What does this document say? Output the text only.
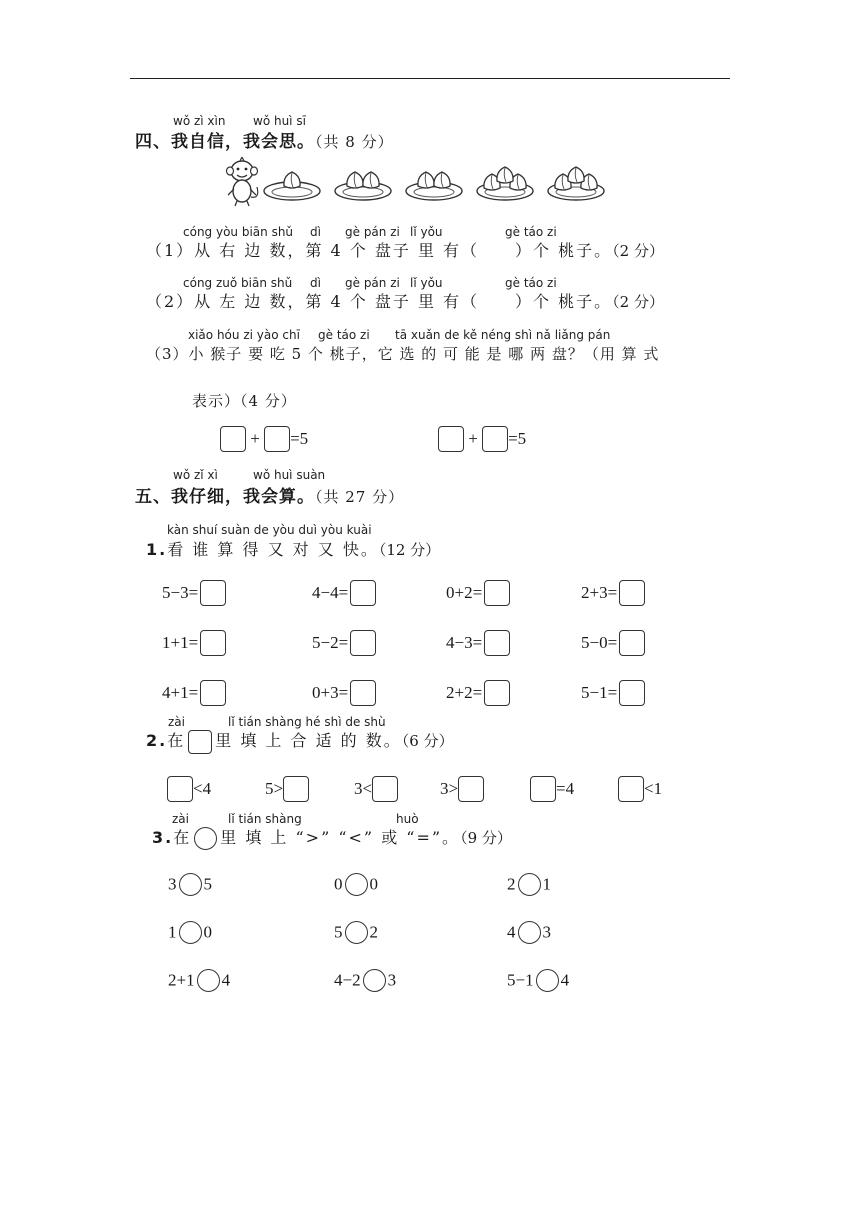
wǒ zì xìn wǒ huì sī
四、我自信，我会思。（共 8 分）
cóng yòu biān shǔ dì gè pán zi lǐ yǒu	gè táo zi
（1）从 右 边 数，第 4 个 盘子 里 有（　　）个 桃子。（2 分）
cóng zuǒ biān shǔ dì gè pán zi lǐ yǒu	gè táo zi
（2）从 左 边 数，第 4 个 盘子 里 有（　　）个 桃子。（2 分）
xiǎo hóu zi yào chī gè táo zi tā xuǎn de kě néng shì nǎ liǎng pán
（3）小 猴子 要 吃 5 个 桃子，它 选 的 可 能 是 哪 两 盘？（用 算 式
表示）（4 分）
+ =5	+ =5
wǒ zǐ xì	wǒ huì suàn
五、我仔细，我会算。（共 27 分）
kàn shuí suàn de yòu duì yòu kuài
1.看 谁 算 得 又 对 又 快。（12 分）
5−3=	4−4=	0+2=	2+3=
1+1=	5−2=	4−3=	5−0=
4+1=	0+3=	2+2=	5−1=
zài	lǐ tián shàng hé shì de shù
2.在 里 填 上 合 适 的 数。（6 分）
<4	5>	3<	3>	=4	<1
zài	lǐ tián shàng	huò
3.在 里 填 上 “>” “<” 或 “=”。（9 分）
3 5	0 0	2 1
1 0	5 2	4 3
2+1 4	4−2 3	5−1 4
